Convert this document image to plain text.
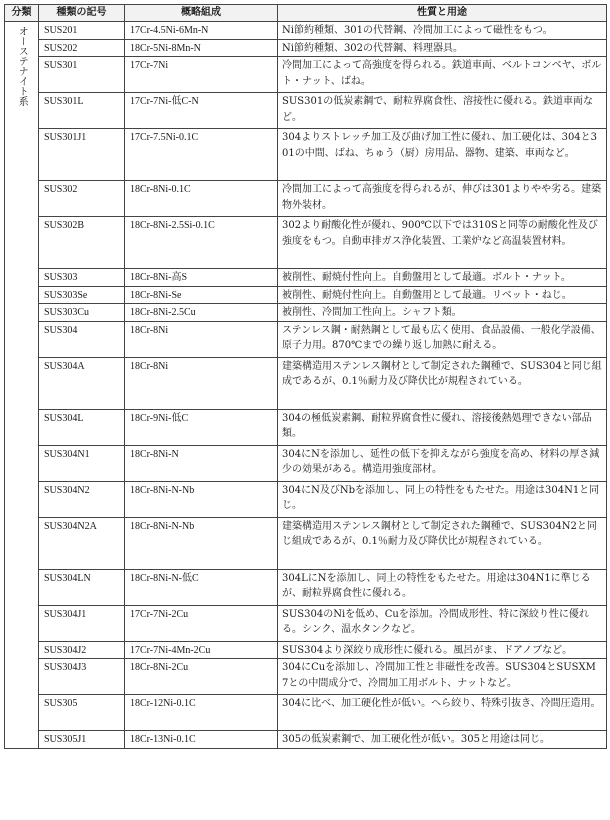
分類	種類の記号	概略組成	性質と用途
オーステナイト系	SUS201	17Cr-4.5Ni-6Mn-N	Ni節約種類、301の代替鋼、冷間加工によって磁性をもつ。
	SUS202	18Cr-5Ni-8Mn-N	Ni節約種類、302の代替鋼、料理器具。
	SUS301	17Cr-7Ni	冷間加工によって高強度を得られる。鉄道車両、ベルトコンベヤ、ボルト・ナット、ばね。
	SUS301L	17Cr-7Ni-低C-N	SUS301の低炭素鋼で、耐粒界腐食性、溶接性に優れる。鉄道車両など。
	SUS301J1	17Cr-7.5Ni-0.1C	304よりストレッチ加工及び曲げ加工性に優れ、加工硬化は、304と301の中間、ばね、ちゅう（厨）房用品、器物、建築、車両など。
	SUS302	18Cr-8Ni-0.1C	冷間加工によって高強度を得られるが、伸びは301よりやや劣る。建築物外装材。
	SUS302B	18Cr-8Ni-2.5Si-0.1C	302より耐酸化性が優れ、900℃以下では310Sと同等の耐酸化性及び強度をもつ。自動車排ガス浄化装置、工業炉など高温装置材料。
	SUS303	18Cr-8Ni-高S	被削性、耐焼付性向上。自動盤用として最適。ボルト・ナット。
	SUS303Se	18Cr-8Ni-Se	被削性、耐焼付性向上。自動盤用として最適。リベット・ねじ。
	SUS303Cu	18Cr-8Ni-2.5Cu	被削性、冷間加工性向上。シャフト類。
	SUS304	18Cr-8Ni	ステンレス鋼・耐熱鋼として最も広く使用、食品設備、一般化学設備、原子力用。870℃までの繰り返し加熱に耐える。
	SUS304A	18Cr-8Ni	建築構造用ステンレス鋼材として制定された鋼種で、SUS304と同じ組成であるが、0.1％耐力及び降伏比が規程されている。
	SUS304L	18Cr-9Ni-低C	304の極低炭素鋼、耐粒界腐食性に優れ、溶接後熱処理できない部品類。
	SUS304N1	18Cr-8Ni-N	304にNを添加し、延性の低下を抑えながら強度を高め、材料の厚さ減少の効果がある。構造用強度部材。
	SUS304N2	18Cr-8Ni-N-Nb	304にN及びNbを添加し、同上の特性をもたせた。用途は304N1と同じ。
	SUS304N2A	18Cr-8Ni-N-Nb	建築構造用ステンレス鋼材として制定された鋼種で、SUS304N2と同じ組成であるが、0.1％耐力及び降伏比が規程されている。
	SUS304LN	18Cr-8Ni-N-低C	304LにNを添加し、同上の特性をもたせた。用途は304N1に準じるが、耐粒界腐食性に優れる。
	SUS304J1	17Cr-7Ni-2Cu	SUS304のNiを低め、Cuを添加。冷間成形性、特に深絞り性に優れる。シンク、温水タンクなど。
	SUS304J2	17Cr-7Ni-4Mn-2Cu	SUS304より深絞り成形性に優れる。風呂がま、ドアノブなど。
	SUS304J3	18Cr-8Ni-2Cu	304にCuを添加し、冷間加工性と非磁性を改善。SUS304とSUSXM7との中間成分で、冷間加工用ボルト、ナットなど。
	SUS305	18Cr-12Ni-0.1C	304に比べ、加工硬化性が低い。へら絞り、特殊引抜き、冷間圧造用。
	SUS305J1	18Cr-13Ni-0.1C	305の低炭素鋼で、加工硬化性が低い。305と用途は同じ。
